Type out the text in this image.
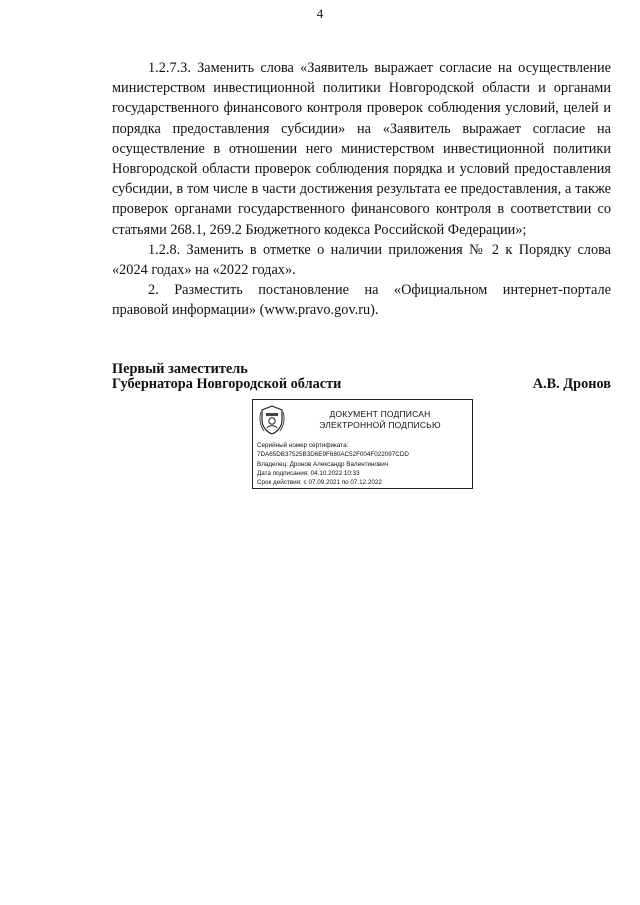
4

1.2.7.3. Заменить слова «Заявитель выражает согласие на осуществление министерством инвестиционной политики Новгородской области и органами государственного финансового контроля проверок соблюдения условий, целей и порядка предоставления субсидии» на «Заявитель выражает согласие на осуществление в отношении него министерством инвестиционной политики Новгородской области проверок соблюдения порядка и условий предоставления субсидии, в том числе в части достижения результата ее предоставления, а также проверок органами государственного финансового контроля в соответствии со статьями 268.1, 269.2 Бюджетного кодекса Российской Федерации»;

1.2.8. Заменить в отметке о наличии приложения № 2 к Порядку слова «2024 годах» на «2022 годах».

2. Разместить постановление на «Официальном интернет-портале правовой информации» (www.pravo.gov.ru).

Первый заместитель
Губернатора Новгородской области	А.В. Дронов
ДОКУМЕНТ ПОДПИСАН
ЭЛЕКТРОННОЙ ПОДПИСЬЮ
Серийный номер сертификата:
7DA65DB37525B3D6E9F680AC52F004F022097CDD
Владелец: Дронов Александр Валентинович
Дата подписания: 04.10.2022 10:33
Срок действия: с 07.09.2021 по 07.12.2022
